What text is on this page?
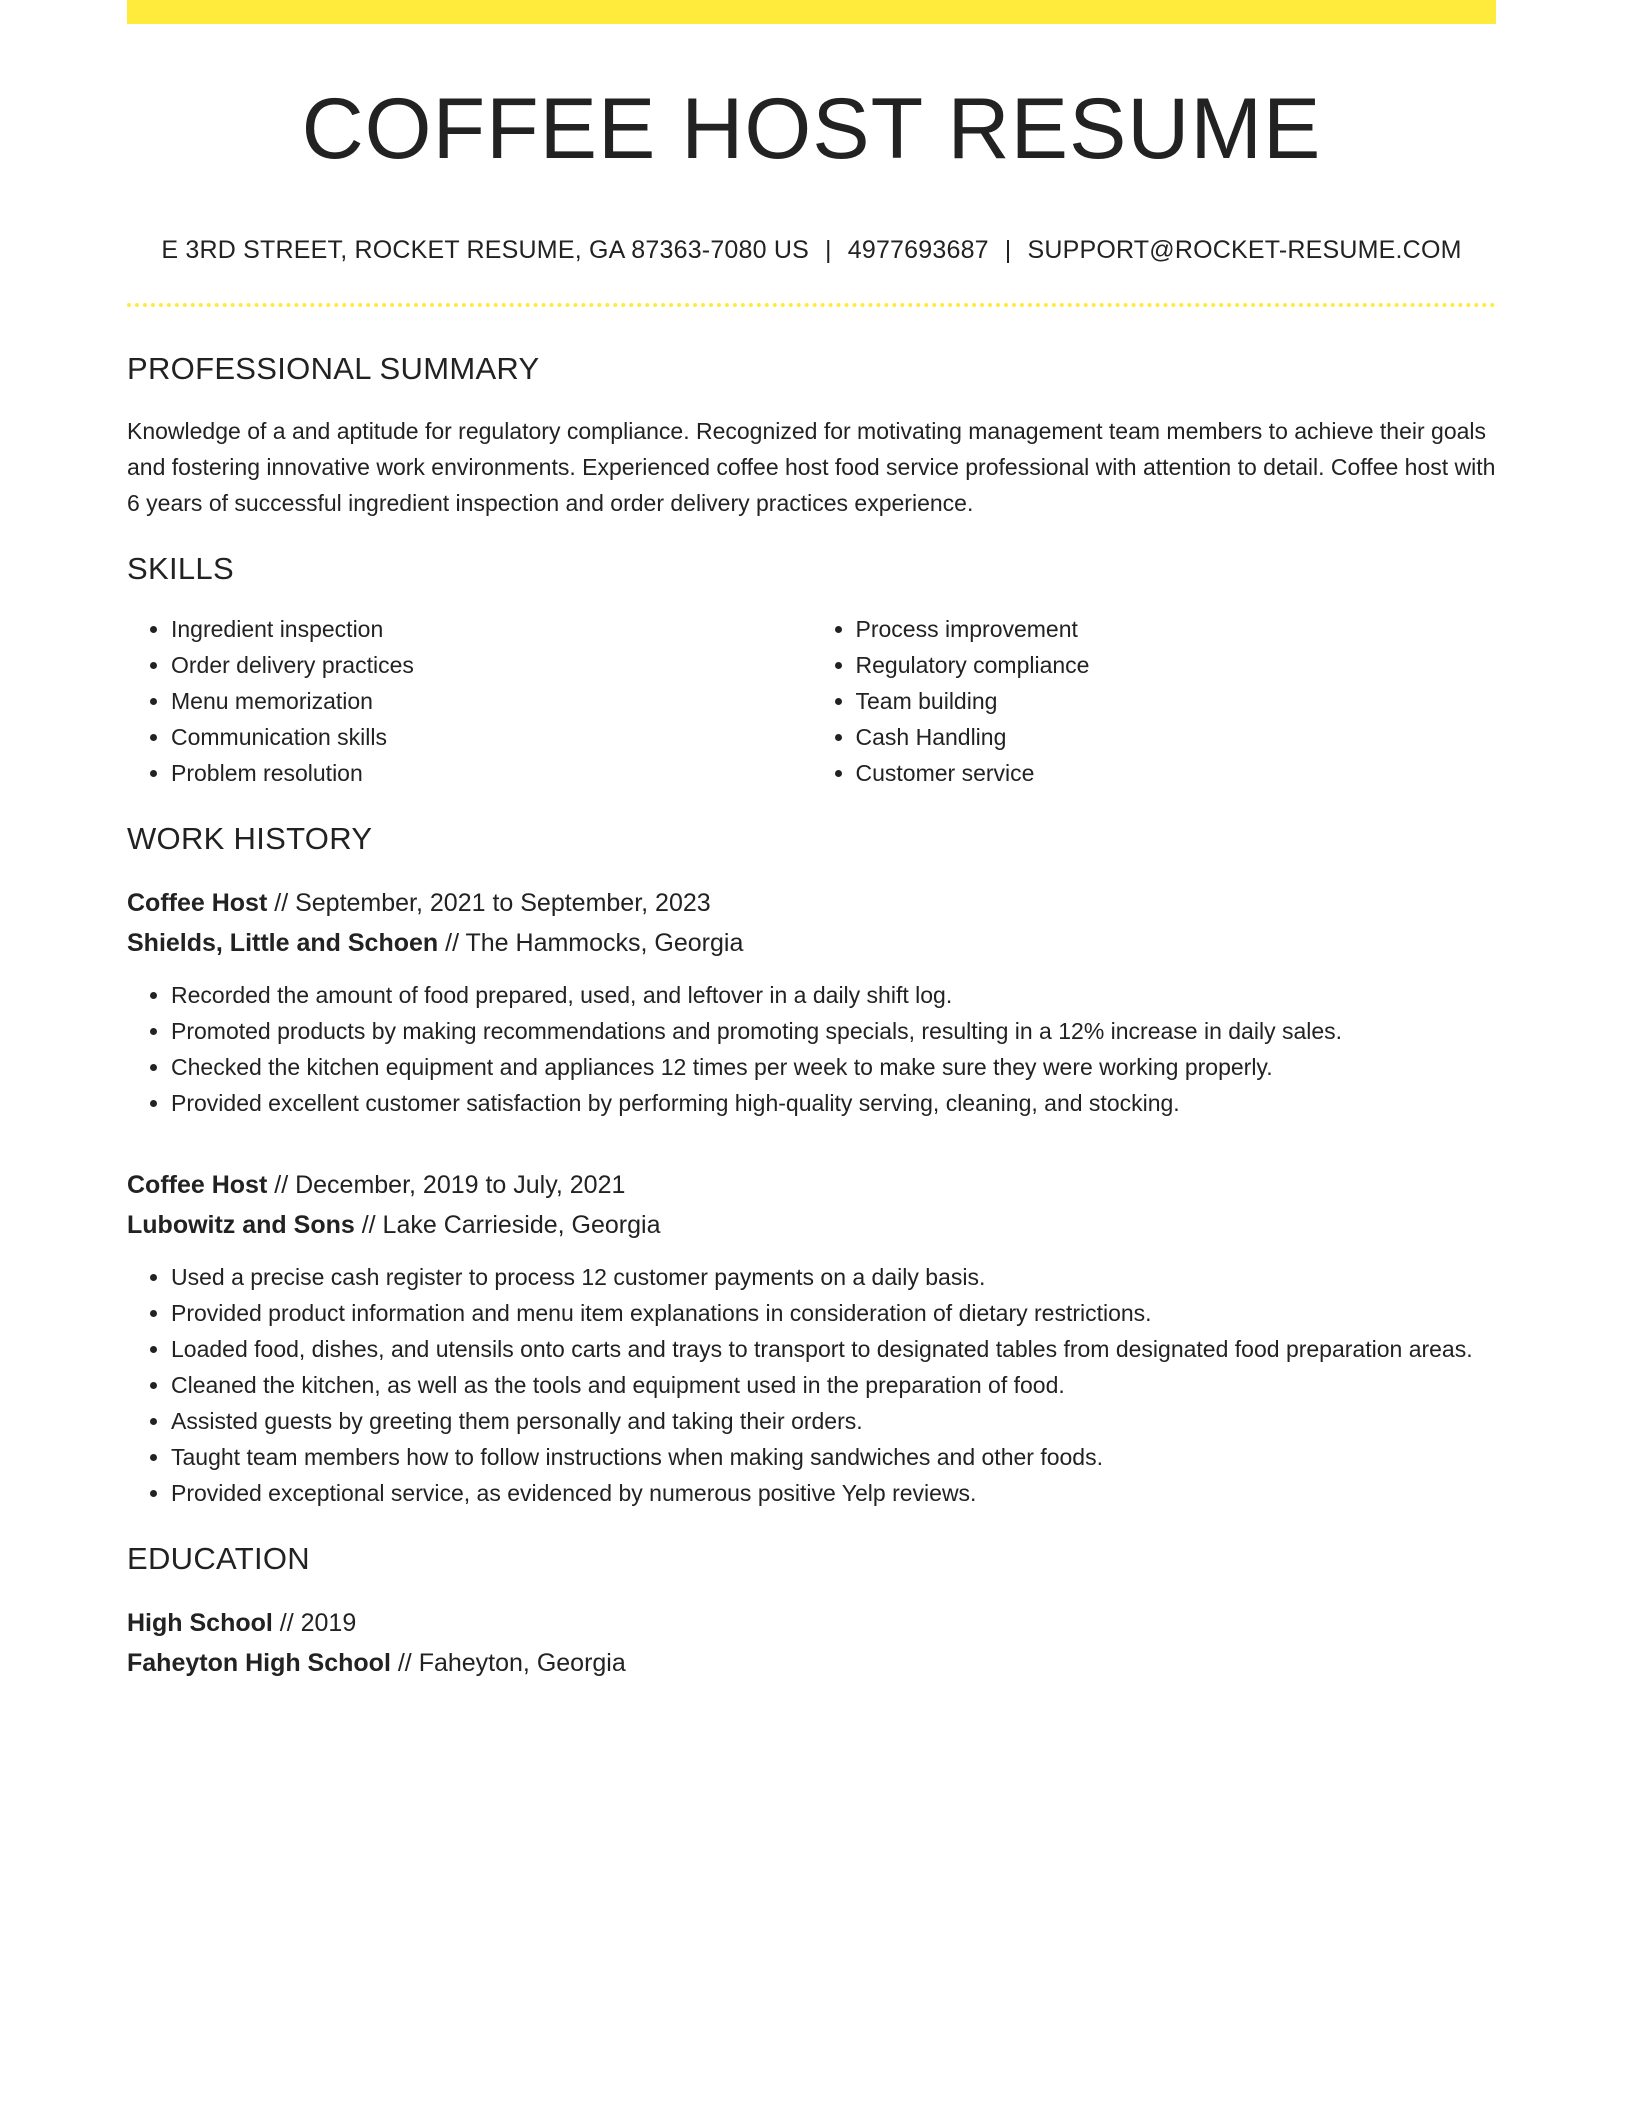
COFFEE HOST RESUME
E 3RD STREET, ROCKET RESUME, GA 87363-7080 US | 4977693687 | SUPPORT@ROCKET-RESUME.COM
PROFESSIONAL SUMMARY

Knowledge of a and aptitude for regulatory compliance. Recognized for motivating management team members to achieve their goals and fostering innovative work environments. Experienced coffee host food service professional with attention to detail. Coffee host with 6 years of successful ingredient inspection and order delivery practices experience.

SKILLS
• Ingredient inspection
• Order delivery practices
• Menu memorization
• Communication skills
• Problem resolution
• Process improvement
• Regulatory compliance
• Team building
• Cash Handling
• Customer service
WORK HISTORY
Coffee Host // September, 2021 to September, 2023
Shields, Little and Schoen // The Hammocks, Georgia
• Recorded the amount of food prepared, used, and leftover in a daily shift log.
• Promoted products by making recommendations and promoting specials, resulting in a 12% increase in daily sales.
• Checked the kitchen equipment and appliances 12 times per week to make sure they were working properly.
• Provided excellent customer satisfaction by performing high-quality serving, cleaning, and stocking.
Coffee Host // December, 2019 to July, 2021
Lubowitz and Sons // Lake Carrieside, Georgia
• Used a precise cash register to process 12 customer payments on a daily basis.
• Provided product information and menu item explanations in consideration of dietary restrictions.
• Loaded food, dishes, and utensils onto carts and trays to transport to designated tables from designated food preparation areas.
• Cleaned the kitchen, as well as the tools and equipment used in the preparation of food.
• Assisted guests by greeting them personally and taking their orders.
• Taught team members how to follow instructions when making sandwiches and other foods.
• Provided exceptional service, as evidenced by numerous positive Yelp reviews.
EDUCATION
High School // 2019
Faheyton High School // Faheyton, Georgia
